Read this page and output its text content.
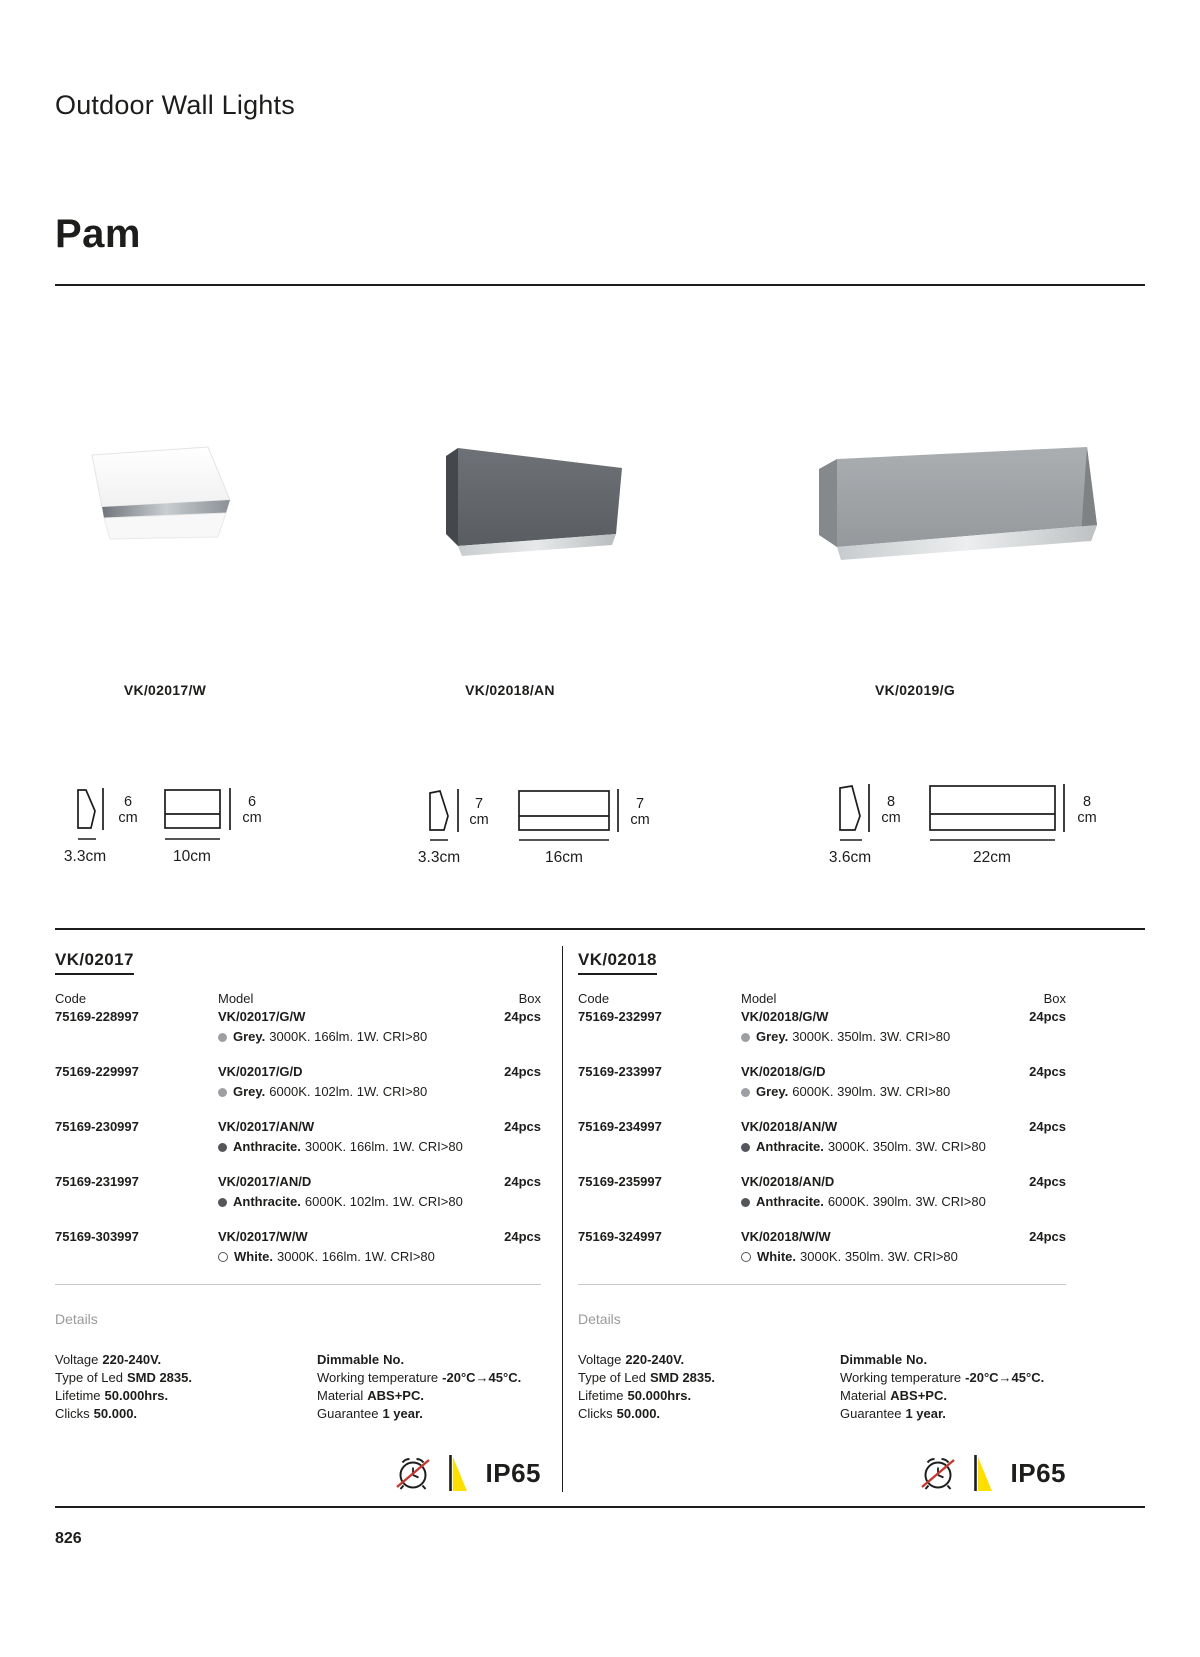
Outdoor Wall Lights
Pam
VK/02017/W	VK/02018/AN	VK/02019/G
6
cm
6
cm
3.3cm	10cm
7
cm
7
cm
3.3cm	16cm
8
cm
8
cm
3.6cm	22cm
VK/02017
Code	Model	Box
75169-228997	VK/02017/G/W
Grey. 3000K. 166lm. 1W. CRI>80
24pcs
75169-229997	VK/02017/G/D
Grey. 6000K. 102lm. 1W. CRI>80
24pcs
75169-230997	VK/02017/AN/W
Anthracite. 3000K. 166lm. 1W. CRI>80
24pcs
75169-231997	VK/02017/AN/D
Anthracite. 6000K. 102lm. 1W. CRI>80
24pcs
75169-303997	VK/02017/W/W
White. 3000K. 166lm. 1W. CRI>80
24pcs
Details
Voltage 220-240V.
Type of Led SMD 2835.
Lifetime 50.000hrs.
Clicks 50.000.
Dimmable No.
Working temperature -20°C→45°C.
Material ABS+PC.
Guarantee 1 year.
IP65
VK/02018
Code	Model	Box
75169-232997	VK/02018/G/W
Grey. 3000K. 350lm. 3W. CRI>80
24pcs
75169-233997	VK/02018/G/D
Grey. 6000K. 390lm. 3W. CRI>80
24pcs
75169-234997	VK/02018/AN/W
Anthracite. 3000K. 350lm. 3W. CRI>80
24pcs
75169-235997	VK/02018/AN/D
Anthracite. 6000K. 390lm. 3W. CRI>80
24pcs
75169-324997	VK/02018/W/W
White. 3000K. 350lm. 3W. CRI>80
24pcs
Details
Voltage 220-240V.
Type of Led SMD 2835.
Lifetime 50.000hrs.
Clicks 50.000.
Dimmable No.
Working temperature -20°C→45°C.
Material ABS+PC.
Guarantee 1 year.
IP65
826
